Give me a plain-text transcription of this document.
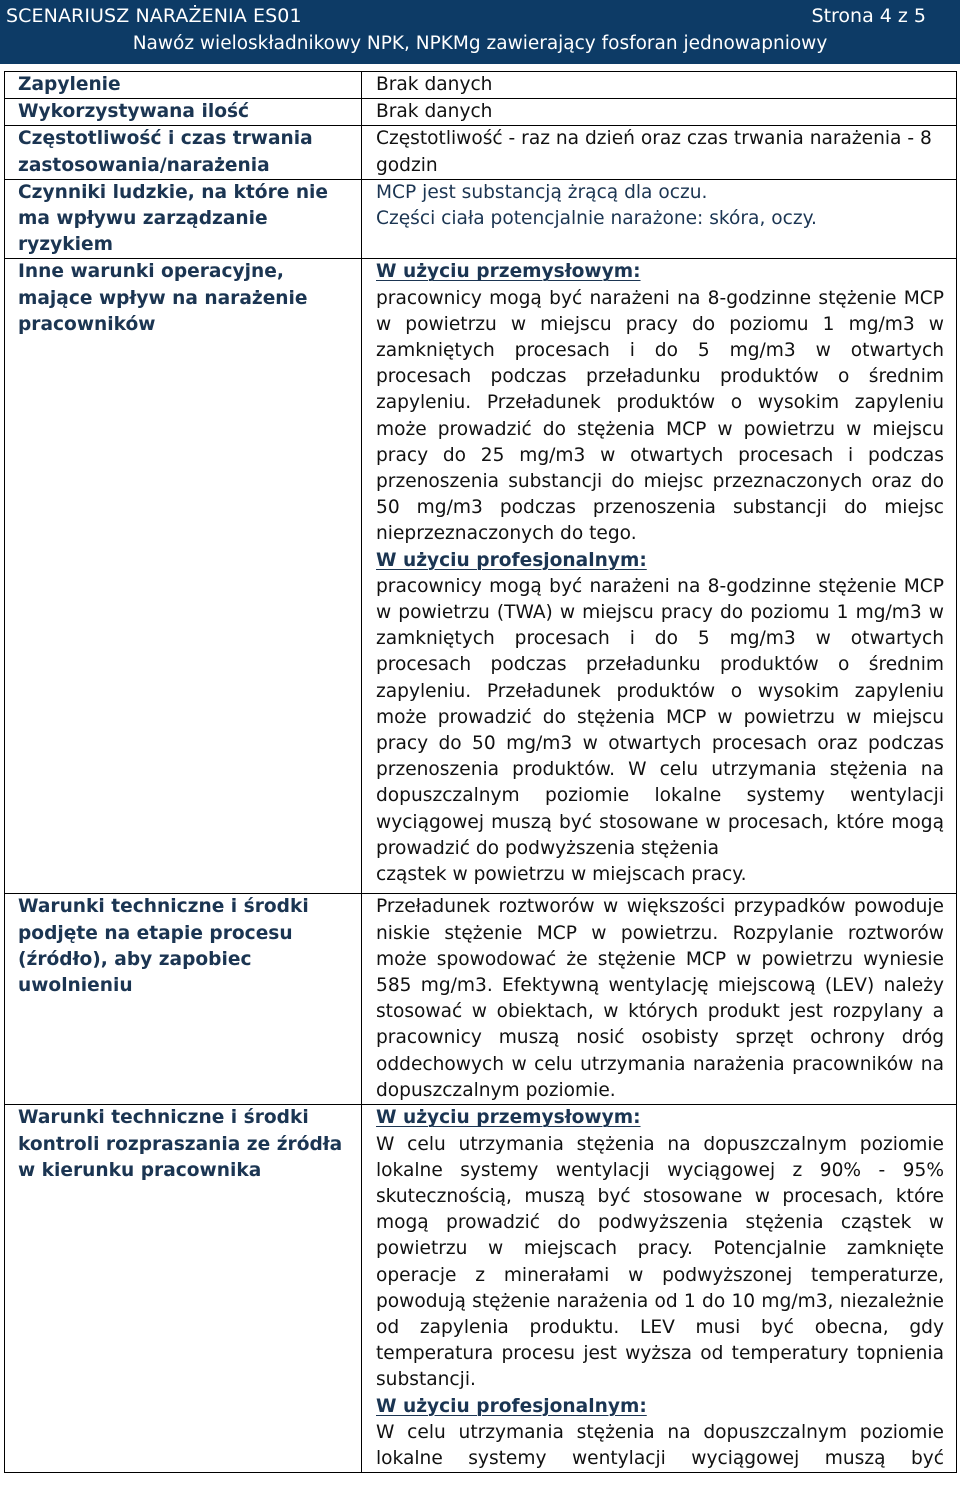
SCENARIUSZ NARAŻENIA ES01	Strona 4 z 5
Nawóz wieloskładnikowy NPK, NPKMg zawierający fosforan jednowapniowy
Zapylenie	Brak danych
Wykorzystywana ilość	Brak danych
Częstotliwość i czas trwania zastosowania/narażenia	Częstotliwość - raz na dzień oraz czas trwania narażenia - 8 godzin
Czynniki ludzkie, na które nie ma wpływu zarządzanie ryzykiem	MCP jest substancją żrącą dla oczu.

Części ciała potencjalnie narażone: skóra, oczy.

Inne warunki operacyjne, mające wpływ na narażenie pracowników	W użyciu przemysłowym:

pracownicy mogą być narażeni na 8-godzinne stężenie MCP w powietrzu w miejscu pracy do poziomu 1 mg/m3 w zamkniętych procesach i do 5 mg/m3 w otwartych procesach podczas przeładunku produktów o średnim zapyleniu. Przeładunek produktów o wysokim zapyleniu może prowadzić do stężenia MCP w powietrzu w miejscu pracy do 25 mg/m3 w otwartych procesach i podczas przenoszenia substancji do miejsc przeznaczonych oraz do 50 mg/m3 podczas przenoszenia substancji do miejsc nieprzeznaczonych do tego.

W użyciu profesjonalnym:

pracownicy mogą być narażeni na 8-godzinne stężenie MCP w powietrzu (TWA) w miejscu pracy do poziomu 1 mg/m3 w zamkniętych procesach i do 5 mg/m3 w otwartych procesach podczas przeładunku produktów o średnim zapyleniu. Przeładunek produktów o wysokim zapyleniu może prowadzić do stężenia MCP w powietrzu w miejscu pracy do 50 mg/m3 w otwartych procesach oraz podczas przenoszenia produktów. W celu utrzymania stężenia na dopuszczalnym poziomie lokalne systemy wentylacji wyciągowej muszą być stosowane w procesach, które mogą prowadzić do podwyższenia stężenia

cząstek w powietrzu w miejscach pracy.

Warunki techniczne i środki podjęte na etapie procesu (źródło), aby zapobiec uwolnieniu	Przeładunek roztworów w większości przypadków powoduje niskie stężenie MCP w powietrzu. Rozpylanie roztworów może spowodować że stężenie MCP w powietrzu wyniesie 585 mg/m3. Efektywną wentylację miejscową (LEV) należy stosować w obiektach, w których produkt jest rozpylany a pracownicy muszą nosić osobisty sprzęt ochrony dróg oddechowych w celu utrzymania narażenia pracowników na dopuszczalnym poziomie.
Warunki techniczne i środki kontroli rozpraszania ze źródła w kierunku pracownika	W użyciu przemysłowym:

W celu utrzymania stężenia na dopuszczalnym poziomie lokalne systemy wentylacji wyciągowej z 90% - 95% skutecznością, muszą być stosowane w procesach, które mogą prowadzić do podwyższenia stężenia cząstek w powietrzu w miejscach pracy. Potencjalnie zamknięte operacje z minerałami w podwyższonej temperaturze, powodują stężenie narażenia od 1 do 10 mg/m3, niezależnie od zapylenia produktu. LEV musi być obecna, gdy temperatura procesu jest wyższa od temperatury topnienia substancji.

W użyciu profesjonalnym:

W celu utrzymania stężenia na dopuszczalnym poziomie lokalne systemy wentylacji wyciągowej muszą być
